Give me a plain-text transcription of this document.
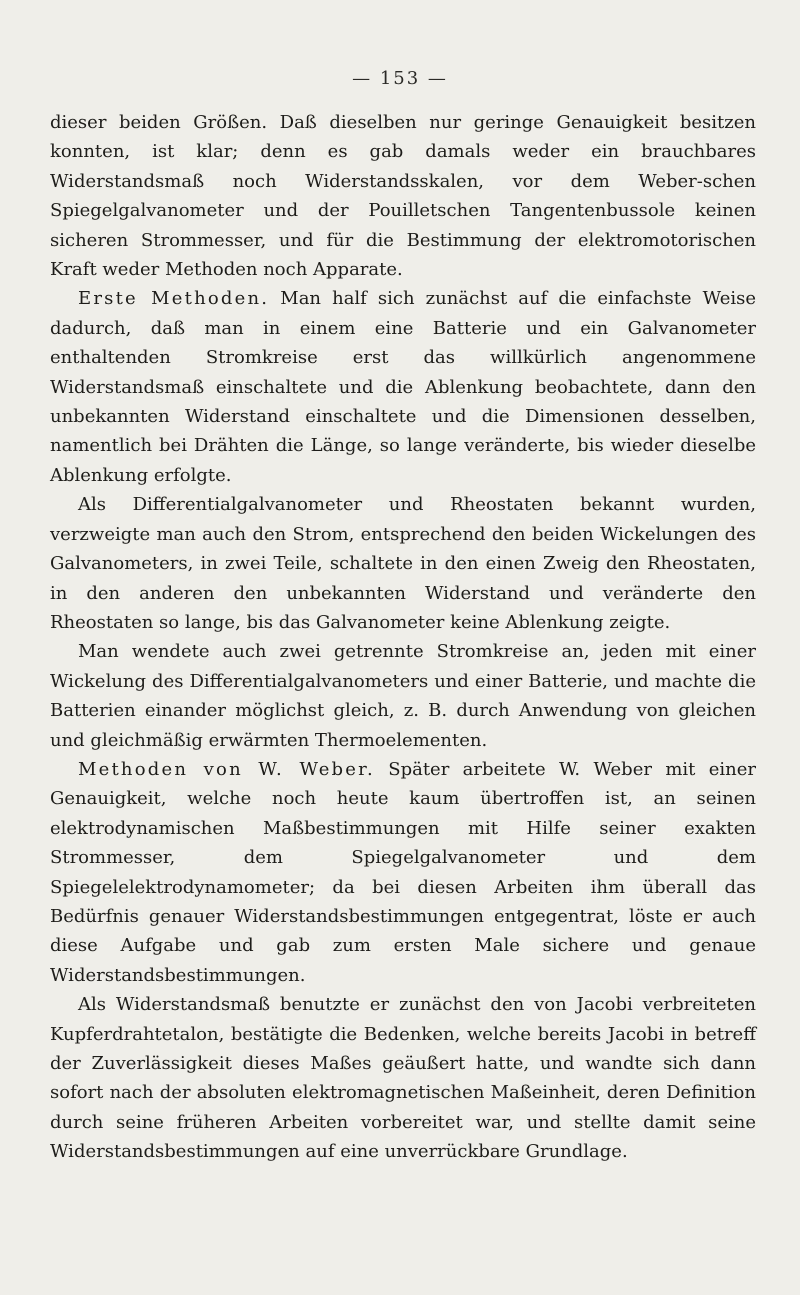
— 153 —

dieser beiden Größen. Daß dieselben nur geringe Genauigkeit besitzen konnten, ist klar; denn es gab damals weder ein brauchbares Widerstandsmaß noch Widerstandsskalen, vor dem Weber-schen Spiegelgalvanometer und der Pouilletschen Tangentenbussole keinen sicheren Strommesser, und für die Bestimmung der elektromotorischen Kraft weder Methoden noch Apparate.

Erste Methoden. Man half sich zunächst auf die einfachste Weise dadurch, daß man in einem eine Batterie und ein Galvanometer enthaltenden Stromkreise erst das willkürlich angenommene Widerstandsmaß einschaltete und die Ablenkung beobachtete, dann den unbekannten Widerstand einschaltete und die Dimensionen desselben, namentlich bei Drähten die Länge, so lange veränderte, bis wieder dieselbe Ablenkung erfolgte.

Als Differentialgalvanometer und Rheostaten bekannt wurden, verzweigte man auch den Strom, entsprechend den beiden Wickelungen des Galvanometers, in zwei Teile, schaltete in den einen Zweig den Rheostaten, in den anderen den unbekannten Widerstand und veränderte den Rheostaten so lange, bis das Galvanometer keine Ablenkung zeigte.

Man wendete auch zwei getrennte Stromkreise an, jeden mit einer Wickelung des Differentialgalvanometers und einer Batterie, und machte die Batterien einander möglichst gleich, z. B. durch Anwendung von gleichen und gleichmäßig erwärmten Thermoelementen.

Methoden von W. Weber. Später arbeitete W. Weber mit einer Genauigkeit, welche noch heute kaum übertroffen ist, an seinen elektrodynamischen Maßbestimmungen mit Hilfe seiner exakten Strommesser, dem Spiegelgalvanometer und dem Spiegelelektrodynamometer; da bei diesen Arbeiten ihm überall das Bedürfnis genauer Widerstandsbestimmungen entgegentrat, löste er auch diese Aufgabe und gab zum ersten Male sichere und genaue Widerstandsbestimmungen.

Als Widerstandsmaß benutzte er zunächst den von Jacobi verbreiteten Kupferdrahtetalon, bestätigte die Bedenken, welche bereits Jacobi in betreff der Zuverlässigkeit dieses Maßes geäußert hatte, und wandte sich dann sofort nach der absoluten elektromagnetischen Maßeinheit, deren Definition durch seine früheren Arbeiten vorbereitet war, und stellte damit seine Widerstandsbestimmungen auf eine unverrückbare Grundlage.
